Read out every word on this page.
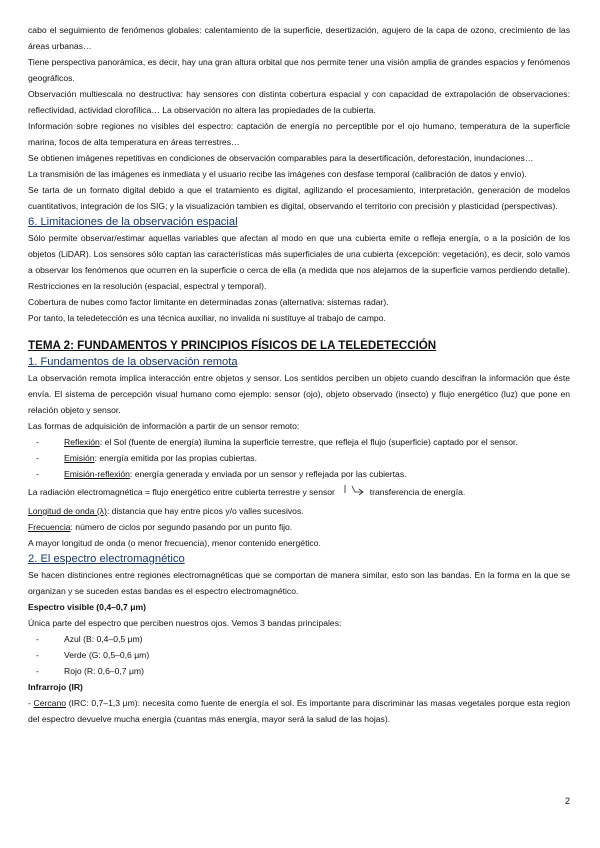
cabo el seguimiento de fenómenos globales: calentamiento de la superficie, desertización, agujero de la capa de ozono, crecimiento de las áreas urbanas…

Tiene perspectiva panorámica, es decir, hay una gran altura orbital que nos permite tener una visión amplia de grandes espacios y fenómenos geográficos.

Observación multiescala no destructiva: hay sensores con distinta cobertura espacial y con capacidad de extrapolación de observaciones: reflectividad, actividad clorofílica… La observación no altera las propiedades de la cubierta.

Información sobre regiones no visibles del espectro: captación de energía no perceptible por el ojo humano, temperatura de la superficie marina, focos de alta temperatura en áreas terrestres…

Se obtienen imágenes repetitivas en condiciones de observación comparables para la desertificación, deforestación, inundaciones…

La transmisión de las imágenes es inmediata y el usuario recibe las imágenes con desfase temporal (calibración de datos y envío).

Se tarta de un formato digital debido a que el tratamiento es digital, agilizando el procesamiento, interpretación, generación de modelos cuantitativos, integración de los SIG; y la visualización tambien es digital, observando el territorio con precisión y plasticidad (perspectivas).

6. Limitaciones de la observación espacial

Sólo permite observar/estimar aquellas variables que afectan al modo en que una cubierta emite o refleja energía, o a la posición de los objetos (LiDAR). Los sensores sólo captan las características más superficiales de una cubierta (excepción: vegetación), es decir, solo vamos a observar los fenómenos que ocurren en la superficie o cerca de ella (a medida que nos alejamos de la superficie vamos perdiendo detalle). Restricciones en la resolución (espacial, espectral y temporal).

Cobertura de nubes como factor limitante en determinadas zonas (alternativa: sistemas radar).

Por tanto, la teledetección es una técnica auxiliar, no invalida ni sustituye al trabajo de campo.

TEMA 2: FUNDAMENTOS Y PRINCIPIOS FÍSICOS DE LA TELEDETECCIÓN
1. Fundamentos de la observación remota

La observación remota implica interacción entre objetos y sensor. Los sentidos perciben un objeto cuando descifran la información que éste envía. El sistema de percepción visual humano como ejemplo: sensor (ojo), objeto observado (insecto) y flujo energético (luz) que pone en relación objeto y sensor.

Las formas de adquisición de información a partir de un sensor remoto:

-	Reflexión: el Sol (fuente de energía) ilumina la superficie terrestre, que refleja el flujo (superficie) captado por el sensor.
-	Emisión: energía emitida por las propias cubiertas.
-	Emisión-reflexión: energía generada y enviada por un sensor y reflejada por las cubiertas.

La radiación electromagnética = flujo energético entre cubierta terrestre y sensor	transferencia de energía.

Longitud de onda (λ): distancia que hay entre picos y/o valles sucesivos.

Frecuencia: número de ciclos por segundo pasando por un punto fijo.

A mayor longitud de onda (o menor frecuencia), menor contenido energético.

2. El espectro electromagnético

Se hacen distinciones entre regiones electromagnéticas que se comportan de manera similar, esto son las bandas. En la forma en la que se organizan y se suceden estas bandas es el espectro electromagnético.

Espectro visible (0,4–0,7 μm)

Única parte del espectro que perciben nuestros ojos. Vemos 3 bandas principales:

-	Azul (B: 0,4–0,5 μm)
-	Verde (G: 0,5–0,6 μm)
-	Rojo (R: 0,6–0,7 μm)

Infrarrojo (IR)

- Cercano (IRC: 0,7–1,3 μm): necesita como fuente de energía el sol. Es importante para discriminar las masas vegetales porque esta region del espectro devuelve mucha energía (cuantas más energía, mayor será la salud de las hojas).

2
